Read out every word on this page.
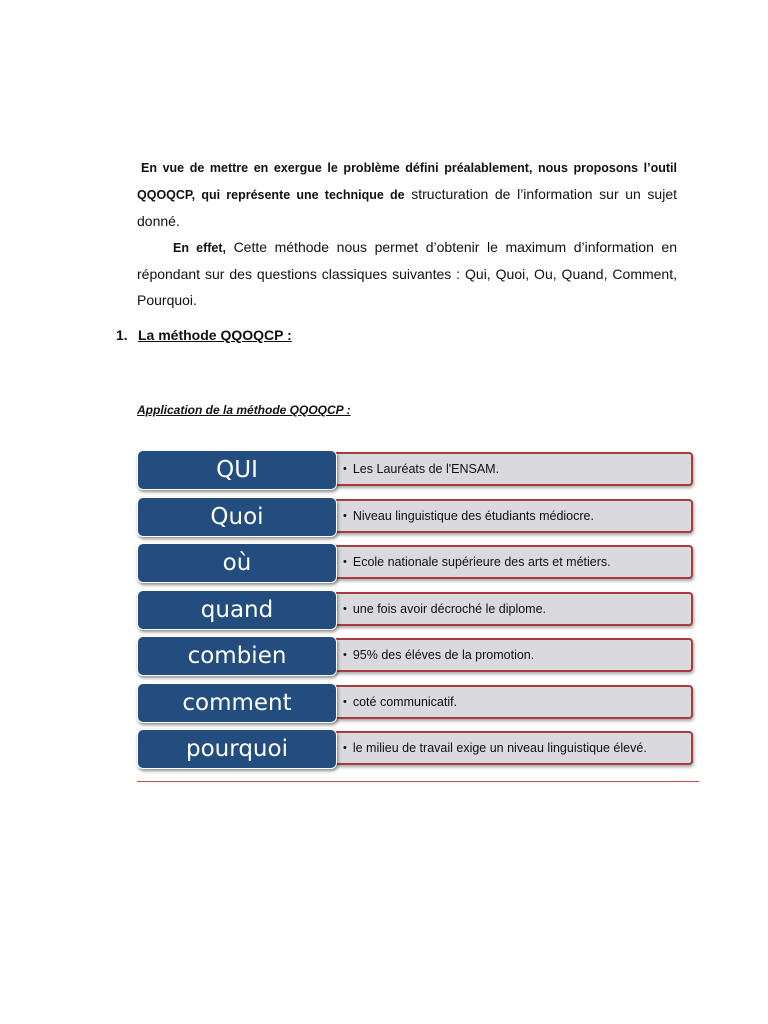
En vue de mettre en exergue le problème défini préalablement, nous proposons l’outil QQOQCP, qui représente une technique de structuration de l’information sur un sujet donné.

En effet, Cette méthode nous permet d’obtenir le maximum d’information en répondant sur des questions classiques suivantes : Qui, Quoi, Ou, Quand, Comment, Pourquoi.

1. La méthode QQOQCP :
Application de la méthode QQOQCP :
• Les Lauréats de l'ENSAM.
QUI
• Niveau linguistique des étudiants médiocre.
Quoi
• Ecole nationale supérieure des arts et métiers.
où
• une fois avoir décroché le diplome.
quand
• 95% des éléves de la promotion.
combien
• coté communicatif.
comment
• le milieu de travail exige un niveau linguistique élevé.
pourquoi
